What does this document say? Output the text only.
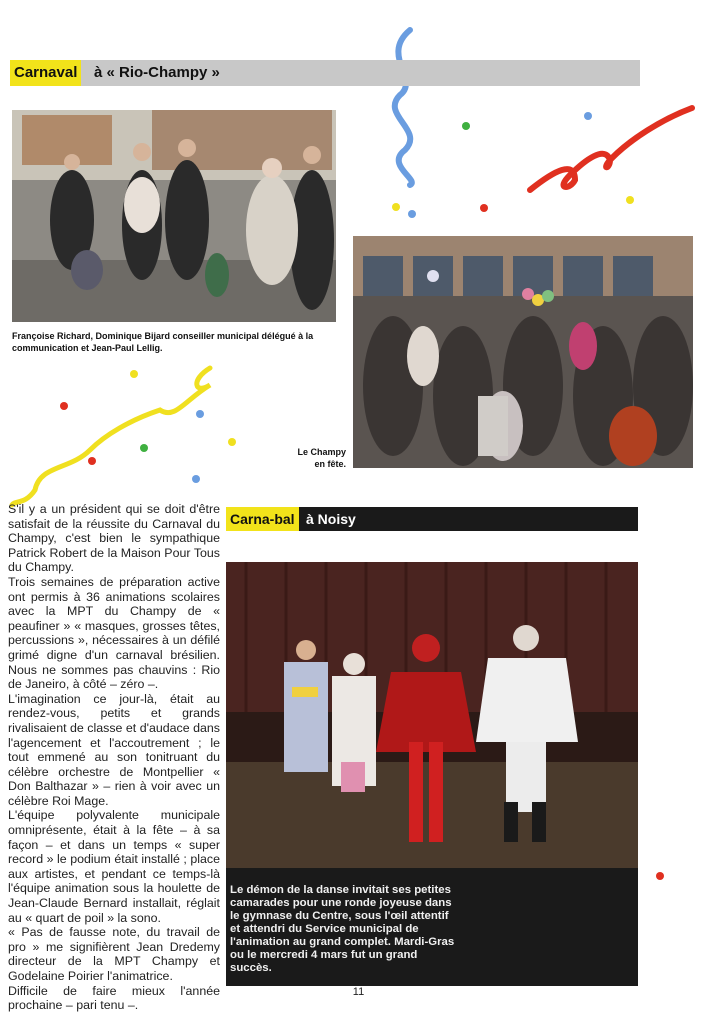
Carnaval à « Rio-Champy »
Françoise Richard, Dominique Bijard conseiller municipal délégué à la communication et Jean-Paul Lellig.
Le Champy
en fête.

S'il y a un président qui se doit d'être satisfait de la réussite du Carnaval du Champy, c'est bien le sympathique Patrick Robert de la Maison Pour Tous du Champy.

Trois semaines de préparation active ont permis à 36 animations scolaires avec la MPT du Champy de « peaufiner » « masques, grosses têtes, percussions », nécessaires à un défilé grimé digne d'un carnaval brésilien. Nous ne sommes pas chauvins : Rio de Janeiro, à côté – zéro –.

L'imagination ce jour-là, était au rendez-vous, petits et grands rivalisaient de classe et d'audace dans l'agencement et l'accoutrement ; le tout emmené au son tonitruant du célèbre orchestre de Montpellier « Don Balthazar » – rien à voir avec un célèbre Roi Mage.

L'équipe polyvalente municipale omniprésente, était à la fête – à sa façon – et dans un temps « super record » le podium était installé ; place aux artistes, et pendant ce temps-là l'équipe animation sous la houlette de Jean-Claude Bernard installait, réglait au « quart de poil » la sono.

« Pas de fausse note, du travail de pro » me signifièrent Jean Dredemy directeur de la MPT Champy et Godelaine Poirier l'animatrice.

Difficile de faire mieux l'année prochaine – pari tenu –.

Carna-bal à Noisy
Le démon de la danse invitait ses petites camarades pour une ronde joyeuse dans le gymnase du Centre, sous l'œil attentif et attendri du Service municipal de l'animation au grand complet. Mardi-Gras ou le mercredi 4 mars fut un grand succès.
11
